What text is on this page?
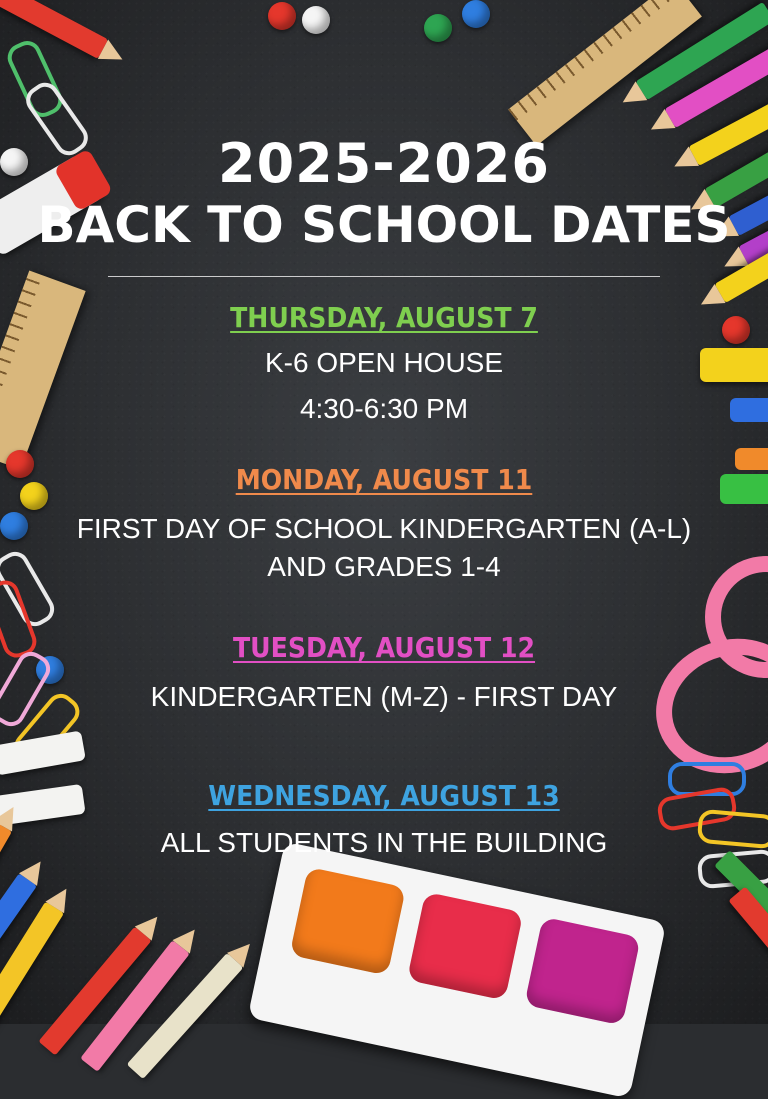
2025-2026
BACK TO SCHOOL DATES

THURSDAY, AUGUST 7

K-6 OPEN HOUSE

4:30-6:30 PM

MONDAY, AUGUST 11

FIRST DAY OF SCHOOL KINDERGARTEN (A-L)

AND GRADES 1-4

TUESDAY, AUGUST 12

KINDERGARTEN (M-Z) - FIRST DAY

WEDNESDAY, AUGUST 13

ALL STUDENTS IN THE BUILDING
